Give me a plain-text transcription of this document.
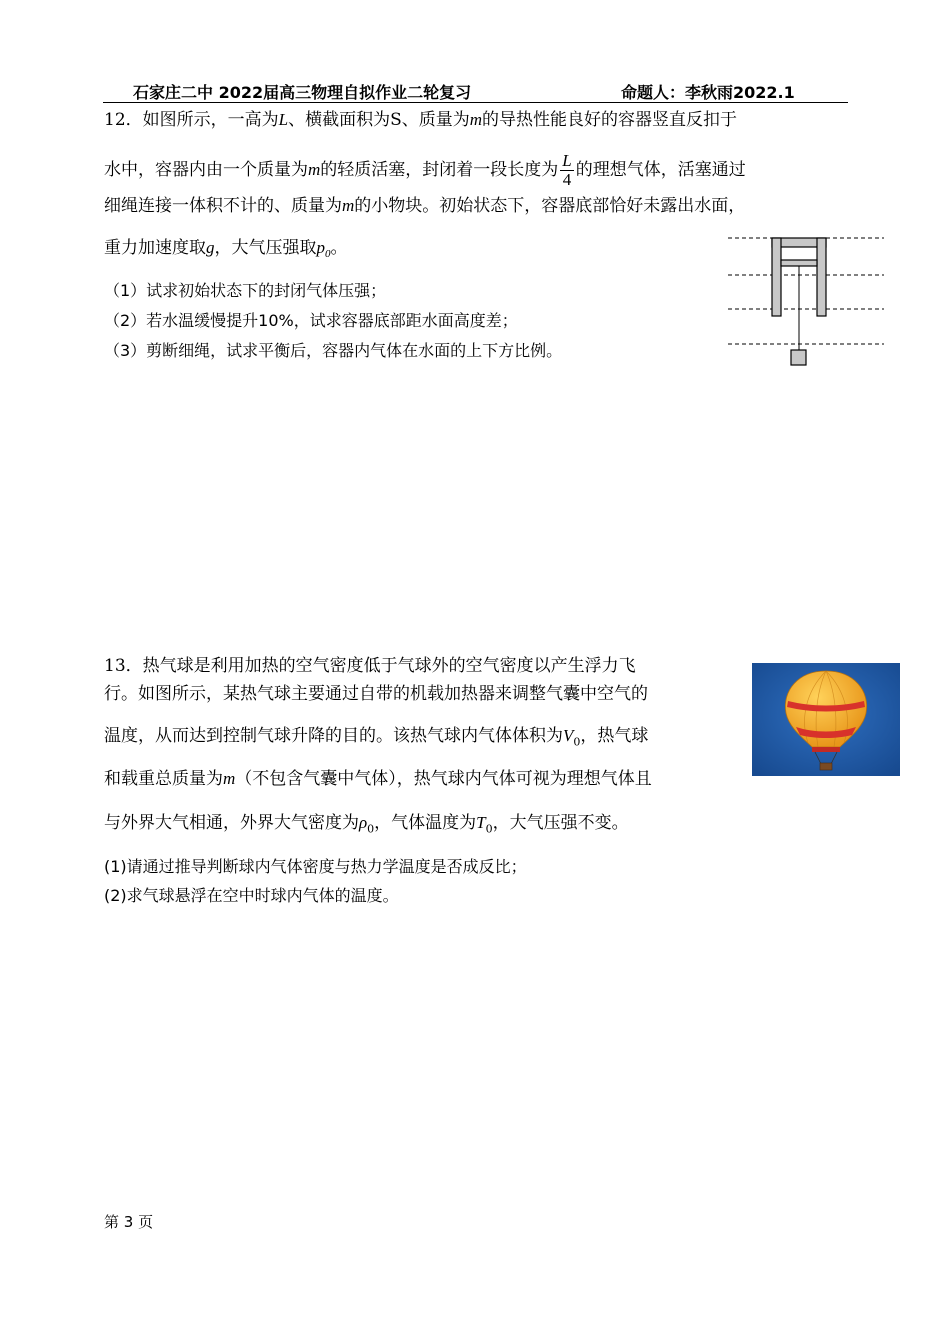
石家庄二中 2022届高三物理自拟作业二轮复习	命题人：李秋雨2022.1
12．如图所示，一高为L、横截面积为S、质量为m的导热性能良好的容器竖直反扣于
水中，容器内由一个质量为m的轻质活塞，封闭着一段长度为 $\frac{L}{4}$ 的理想气体，活塞通过
细绳连接一体积不计的、质量为m的小物块。初始状态下，容器底部恰好未露出水面，
重力加速度取g，大气压强取$p_0$。
（1）试求初始状态下的封闭气体压强；
（2）若水温缓慢提升10%，试求容器底部距水面高度差；
（3）剪断细绳，试求平衡后，容器内气体在水面的上下方比例。
13．热气球是利用加热的空气密度低于气球外的空气密度以产生浮力飞
行。如图所示，某热气球主要通过自带的机载加热器来调整气囊中空气的
温度，从而达到控制气球升降的目的。该热气球内气体体积为$V_0$，热气球
和载重总质量为m（不包含气囊中气体），热气球内气体可视为理想气体且
与外界大气相通，外界大气密度为$\rho_0$，气体温度为$T_0$，大气压强不变。
(1)请通过推导判断球内气体密度与热力学温度是否成反比；
(2)求气球悬浮在空中时球内气体的温度。
第 3 页
